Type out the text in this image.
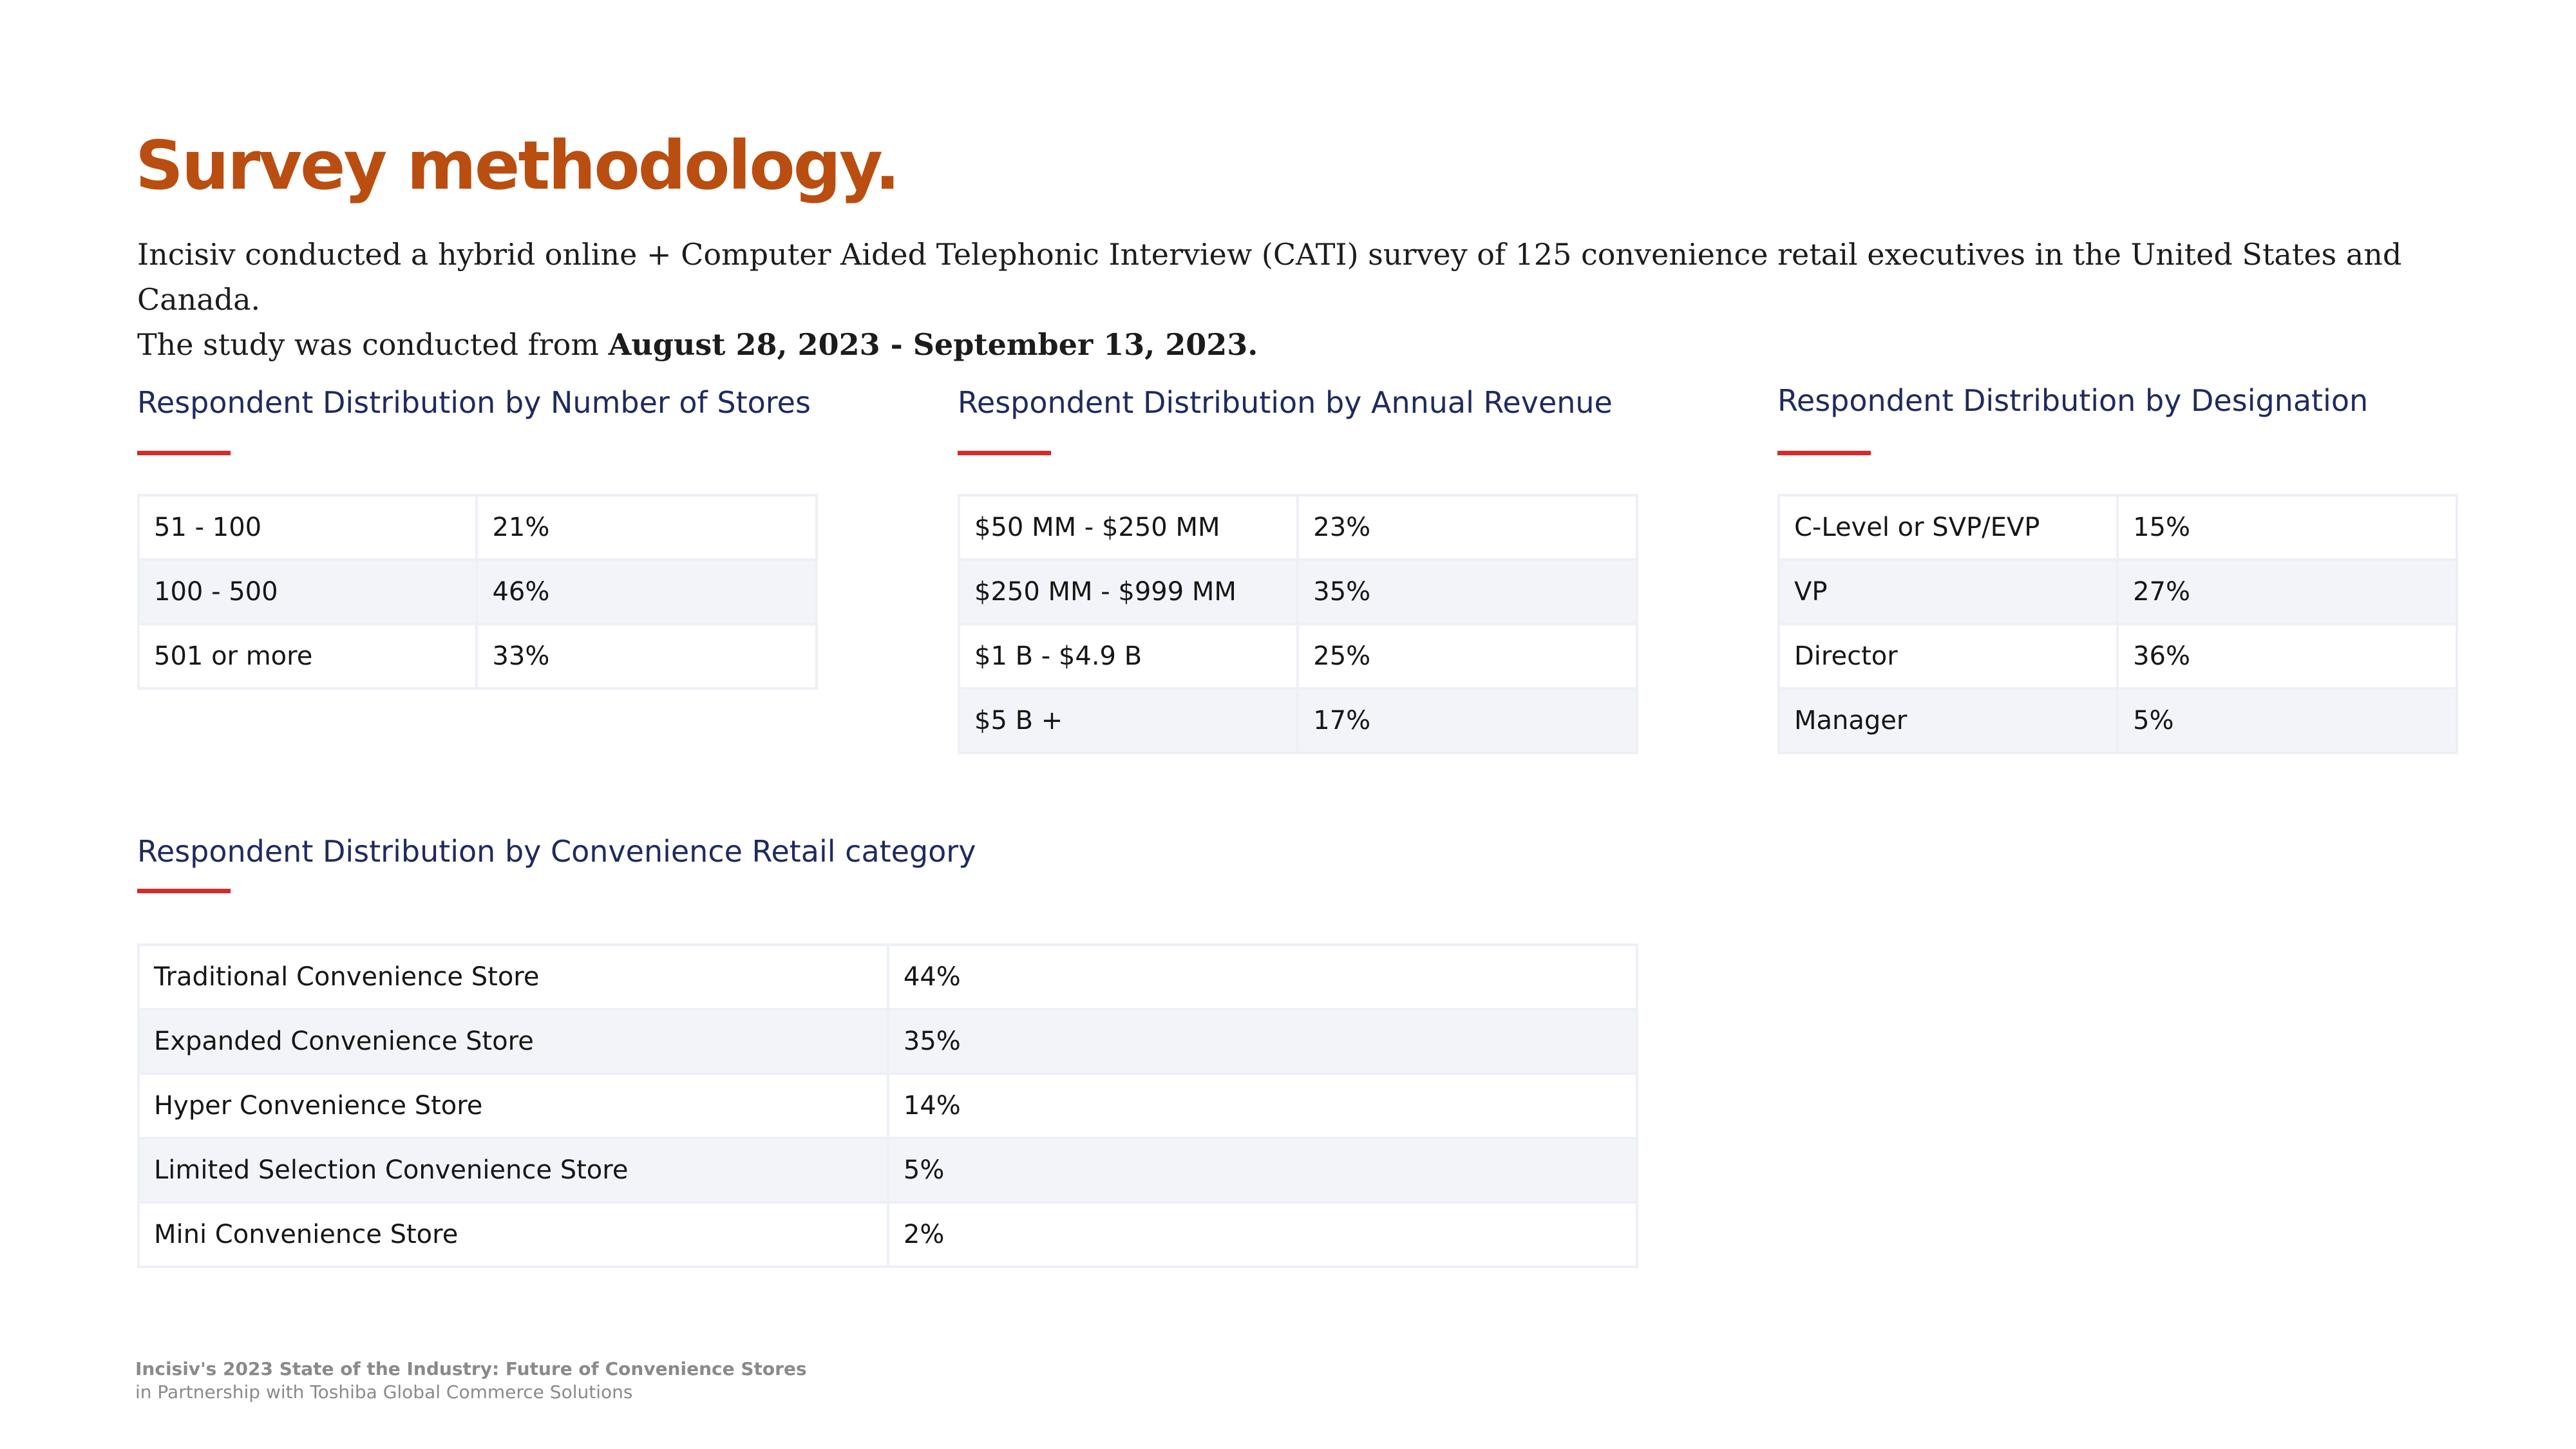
Survey methodology.
Incisiv conducted a hybrid online + Computer Aided Telephonic Interview (CATI) survey of 125 convenience retail executives in the United States and Canada.
The study was conducted from August 28, 2023 - September 13, 2023.
Respondent Distribution by Number of Stores
51 - 100	21%
100 - 500	46%
501 or more	33%
Respondent Distribution by Annual Revenue
$50 MM - $250 MM	23%
$250 MM - $999 MM	35%
$1 B - $4.9 B	25%
$5 B +	17%
Respondent Distribution by Designation
C-Level or SVP/EVP	15%
VP	27%
Director	36%
Manager	5%
Respondent Distribution by Convenience Retail category
Traditional Convenience Store	44%
Expanded Convenience Store	35%
Hyper Convenience Store	14%
Limited Selection Convenience Store	5%
Mini Convenience Store	2%
Incisiv's 2023 State of the Industry: Future of Convenience Stores
in Partnership with Toshiba Global Commerce Solutions
